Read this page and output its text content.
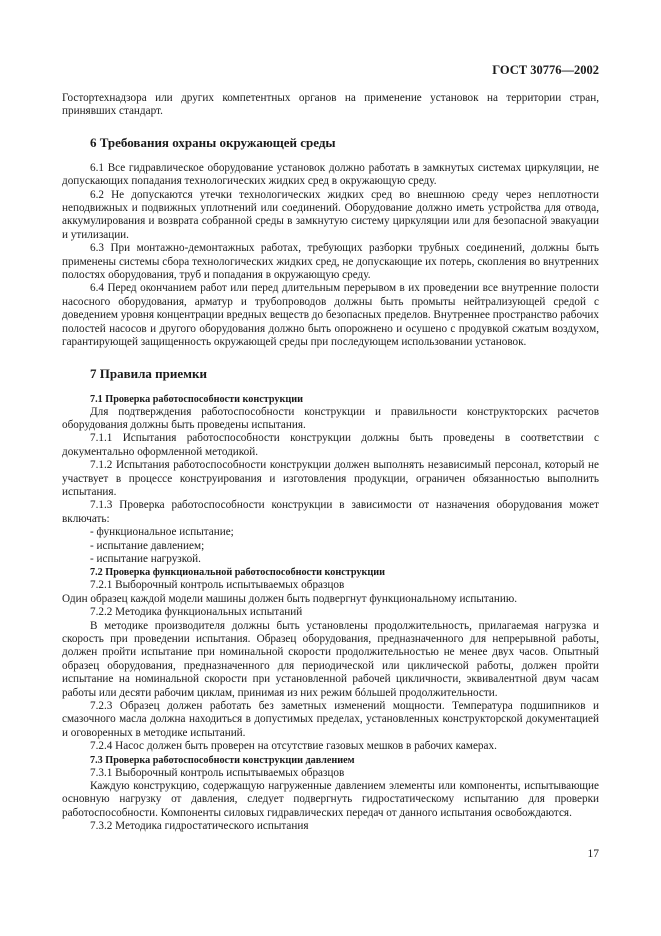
ГОСТ 30776—2002

Гостортехнадзора или других компетентных органов на применение установок на территории стран, принявших стандарт.

6 Требования охраны окружающей среды

6.1 Все гидравлическое оборудование установок должно работать в замкнутых системах циркуляции, не допускающих попадания технологических жидких сред в окружающую среду.

6.2 Не допускаются утечки технологических жидких сред во внешнюю среду через неплотности неподвижных и подвижных уплотнений или соединений. Оборудование должно иметь устройства для отвода, аккумулирования и возврата собранной среды в замкнутую систему циркуляции или для безопасной эвакуации и утилизации.

6.3 При монтажно-демонтажных работах, требующих разборки трубных соединений, должны быть применены системы сбора технологических жидких сред, не допускающие их потерь, скопления во внутренних полостях оборудования, труб и попадания в окружающую среду.

6.4 Перед окончанием работ или перед длительным перерывом в их проведении все внутренние полости насосного оборудования, арматур и трубопроводов должны быть промыты нейтрализующей средой с доведением уровня концентрации вредных веществ до безопасных пределов. Внутреннее пространство рабочих полостей насосов и другого оборудования должно быть опорожнено и осушено с продувкой сжатым воздухом, гарантирующей защищенность окружающей среды при последующем использовании установок.

7 Правила приемки
7.1 Проверка работоспособности конструкции

Для подтверждения работоспособности конструкции и правильности конструкторских расчетов оборудования должны быть проведены испытания.

7.1.1 Испытания работоспособности конструкции должны быть проведены в соответствии с документально оформленной методикой.

7.1.2 Испытания работоспособности конструкции должен выполнять независимый персонал, который не участвует в процессе конструирования и изготовления продукции, ограничен обязанностью выполнить испытания.

7.1.3 Проверка работоспособности конструкции в зависимости от назначения оборудования может включать:

- функциональное испытание;

- испытание давлением;

- испытание нагрузкой.

7.2 Проверка функциональной работоспособности конструкции

7.2.1 Выборочный контроль испытываемых образцов

Один образец каждой модели машины должен быть подвергнут функциональному испытанию.

7.2.2 Методика функциональных испытаний

В методике производителя должны быть установлены продолжительность, прилагаемая нагрузка и скорость при проведении испытания. Образец оборудования, предназначенного для непрерывной работы, должен пройти испытание при номинальной скорости продолжительностью не менее двух часов. Опытный образец оборудования, предназначенного для периодической или циклической работы, должен пройти испытание на номинальной скорости при установленной рабочей цикличности, эквивалентной двум часам работы или десяти рабочим циклам, принимая из них режим бóльшей продолжительности.

7.2.3 Образец должен работать без заметных изменений мощности. Температура подшипников и смазочного масла должна находиться в допустимых пределах, установленных конструкторской документацией и оговоренных в методике испытаний.

7.2.4 Насос должен быть проверен на отсутствие газовых мешков в рабочих камерах.

7.3 Проверка работоспособности конструкции давлением

7.3.1 Выборочный контроль испытываемых образцов

Каждую конструкцию, содержащую нагруженные давлением элементы или компоненты, испытывающие основную нагрузку от давления, следует подвергнуть гидростатическому испытанию для проверки работоспособности. Компоненты силовых гидравлических передач от данного испытания освобождаются.

7.3.2 Методика гидростатического испытания

17
